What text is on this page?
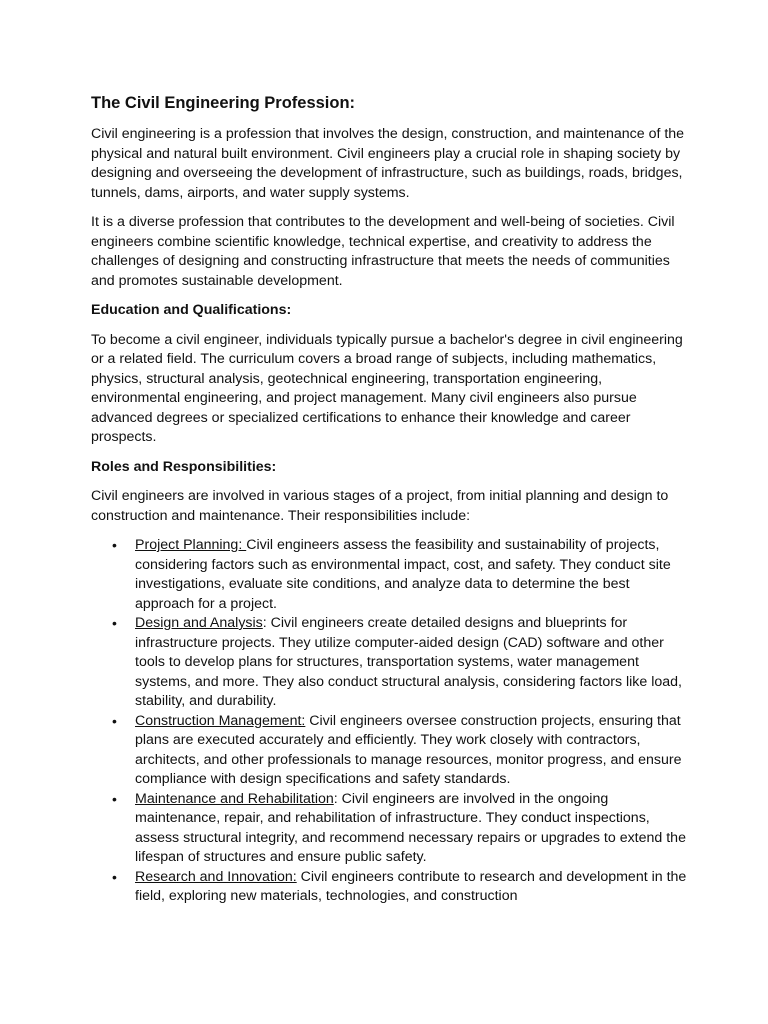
The Civil Engineering Profession:

Civil engineering is a profession that involves the design, construction, and maintenance of the physical and natural built environment. Civil engineers play a crucial role in shaping society by designing and overseeing the development of infrastructure, such as buildings, roads, bridges, tunnels, dams, airports, and water supply systems.

It is a diverse profession that contributes to the development and well-being of societies. Civil engineers combine scientific knowledge, technical expertise, and creativity to address the challenges of designing and constructing infrastructure that meets the needs of communities and promotes sustainable development.

Education and Qualifications:

To become a civil engineer, individuals typically pursue a bachelor's degree in civil engineering or a related field. The curriculum covers a broad range of subjects, including mathematics, physics, structural analysis, geotechnical engineering, transportation engineering, environmental engineering, and project management. Many civil engineers also pursue advanced degrees or specialized certifications to enhance their knowledge and career prospects.

Roles and Responsibilities:

Civil engineers are involved in various stages of a project, from initial planning and design to construction and maintenance. Their responsibilities include:

• Project Planning: Civil engineers assess the feasibility and sustainability of projects, considering factors such as environmental impact, cost, and safety. They conduct site investigations, evaluate site conditions, and analyze data to determine the best approach for a project.
• Design and Analysis: Civil engineers create detailed designs and blueprints for infrastructure projects. They utilize computer-aided design (CAD) software and other tools to develop plans for structures, transportation systems, water management systems, and more. They also conduct structural analysis, considering factors like load, stability, and durability.
• Construction Management: Civil engineers oversee construction projects, ensuring that plans are executed accurately and efficiently. They work closely with contractors, architects, and other professionals to manage resources, monitor progress, and ensure compliance with design specifications and safety standards.
• Maintenance and Rehabilitation: Civil engineers are involved in the ongoing maintenance, repair, and rehabilitation of infrastructure. They conduct inspections, assess structural integrity, and recommend necessary repairs or upgrades to extend the lifespan of structures and ensure public safety.
• Research and Innovation: Civil engineers contribute to research and development in the field, exploring new materials, technologies, and construction
